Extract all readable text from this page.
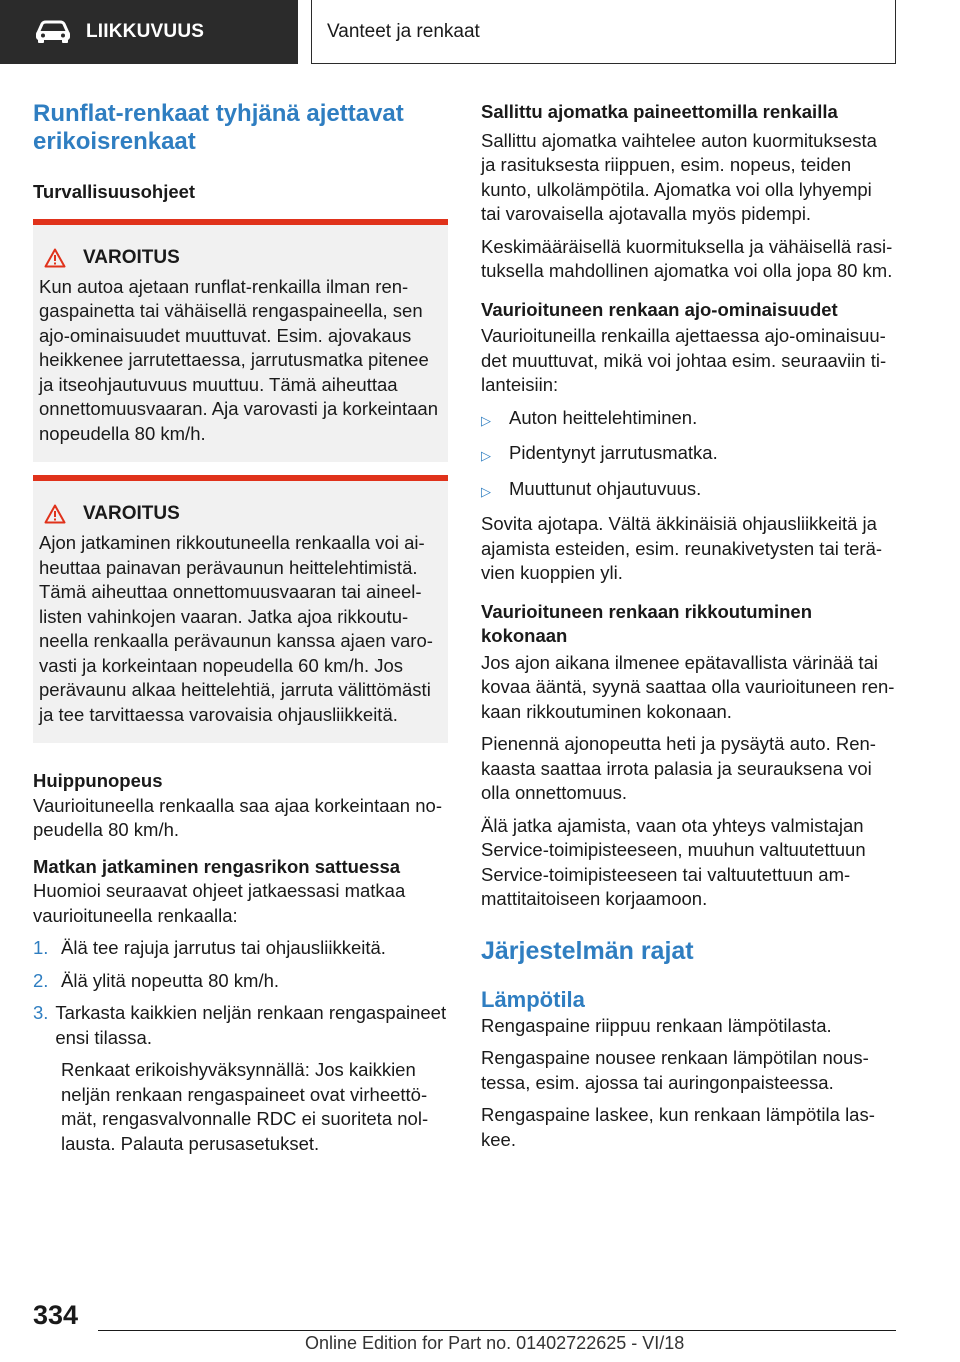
LIIKKUVUUS	Vanteet ja renkaat
Runflat-renkaat tyhjänä ajettavat erikoisrenkaat
Turvallisuusohjeet
VAROITUS

Kun autoa ajetaan runflat-renkailla ilman rengaspainetta tai vähäisellä rengaspaineella, sen ajo-ominaisuudet muuttuvat. Esim. ajovakaus heikkenee jarrutettaessa, jarrutusmatka pitenee ja itseohjautuvuus muuttuu. Tämä aiheuttaa onnettomuusvaaran. Aja varovasti ja korkeintaan nopeudella 80 km/h.

VAROITUS

Ajon jatkaminen rikkoutuneella renkaalla voi aiheuttaa painavan perävaunun heittelehtimistä. Tämä aiheuttaa onnettomuusvaaran tai aineellisten vahinkojen vaaran. Jatka ajoa rikkoutuneella renkaalla perävaunun kanssa ajaen varovasti ja korkeintaan nopeudella 60 km/h. Jos perävaunu alkaa heittelehtiä, jarruta välittömästi ja tee tarvittaessa varovaisia ohjausliikkeitä.

Huippunopeus

Vaurioituneella renkaalla saa ajaa korkeintaan nopeudella 80 km/h.

Matkan jatkaminen rengasrikon sattuessa

Huomioi seuraavat ohjeet jatkaessasi matkaa vaurioituneella renkaalla:

1. Älä tee rajuja jarrutus tai ohjausliikkeitä.
2. Älä ylitä nopeutta 80 km/h.
3. Tarkasta kaikkien neljän renkaan rengaspaineet ensi tilassa.

Renkaat erikoishyväksynnällä: Jos kaikkien neljän renkaan rengaspaineet ovat virheettömät, rengasvalvonnalle RDC ei suoriteta nollausta. Palauta perusasetukset.

Sallittu ajomatka paineettomilla renkailla

Sallittu ajomatka vaihtelee auton kuormituksesta ja rasituksesta riippuen, esim. nopeus, teiden kunto, ulkolämpötila. Ajomatka voi olla lyhyempi tai varovaisella ajotavalla myös pidempi.

Keskimääräisellä kuormituksella ja vähäisellä rasituksella mahdollinen ajomatka voi olla jopa 80 km.

Vaurioituneen renkaan ajo-ominaisuudet

Vaurioituneilla renkailla ajettaessa ajo-ominaisuudet muuttuvat, mikä voi johtaa esim. seuraaviin tilanteisiin:

▷ Auton heittelehtiminen.
▷ Pidentynyt jarrutusmatka.
▷ Muuttunut ohjautuvuus.

Sovita ajotapa. Vältä äkkinäisiä ohjausliikkeitä ja ajamista esteiden, esim. reunakivetysten tai terävien kuoppien yli.

Vaurioituneen renkaan rikkoutuminen kokonaan

Jos ajon aikana ilmenee epätavallista värinää tai kovaa ääntä, syynä saattaa olla vaurioituneen renkaan rikkoutuminen kokonaan.

Pienennä ajonopeutta heti ja pysäytä auto. Renkaasta saattaa irrota palasia ja seurauksena voi olla onnettomuus.

Älä jatka ajamista, vaan ota yhteys valmistajan Service-toimipisteeseen, muuhun valtuutettuun Service-toimipisteeseen tai valtuutettuun ammattitaitoiseen korjaamoon.

Järjestelmän rajat
Lämpötila

Rengaspaine riippuu renkaan lämpötilasta.

Rengaspaine nousee renkaan lämpötilan noustessa, esim. ajossa tai auringonpaisteessa.

Rengaspaine laskee, kun renkaan lämpötila laskee.

334
Online Edition for Part no. 01402722625 - VI/18
